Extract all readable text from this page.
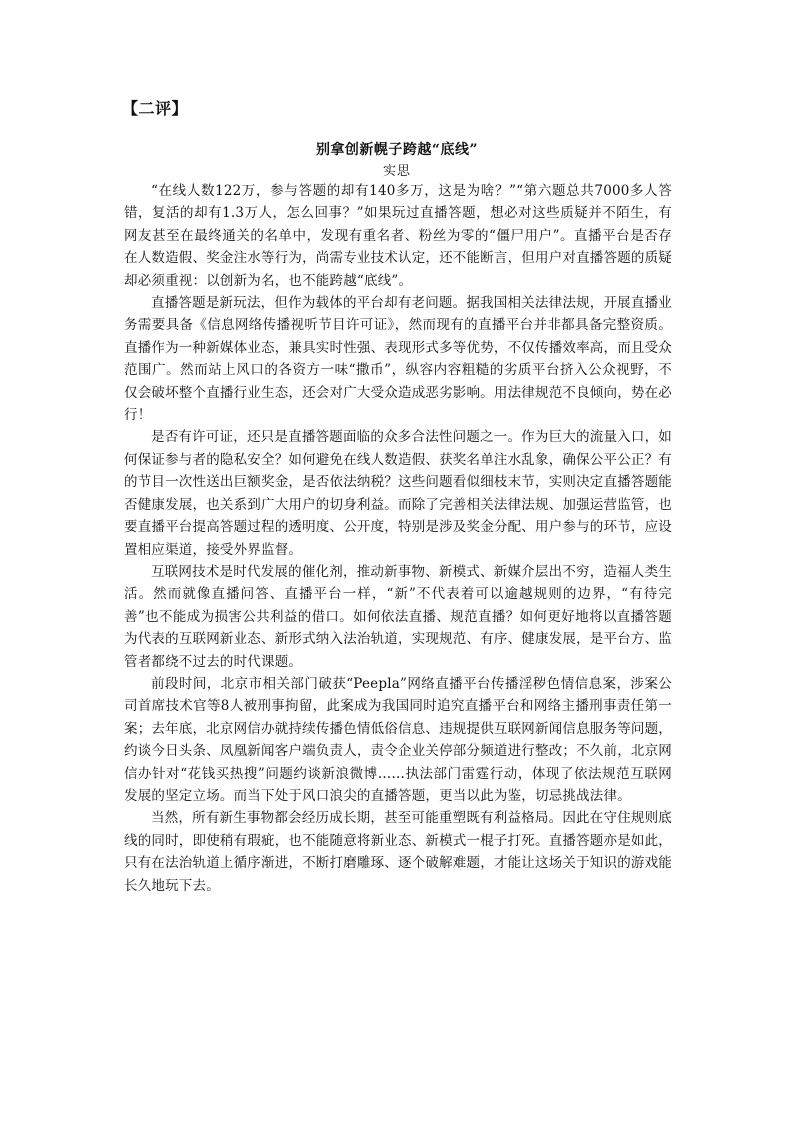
【二评】
别拿创新幌子跨越“底线”
实思

“在线人数122万，参与答题的却有140多万，这是为啥？”“第六题总共7000多人答错，复活的却有1.3万人，怎么回事？”如果玩过直播答题，想必对这些质疑并不陌生，有网友甚至在最终通关的名单中，发现有重名者、粉丝为零的“僵尸用户”。直播平台是否存在人数造假、奖金注水等行为，尚需专业技术认定，还不能断言，但用户对直播答题的质疑却必须重视：以创新为名，也不能跨越“底线”。

直播答题是新玩法，但作为载体的平台却有老问题。据我国相关法律法规，开展直播业务需要具备《信息网络传播视听节目许可证》，然而现有的直播平台并非都具备完整资质。直播作为一种新媒体业态，兼具实时性强、表现形式多等优势，不仅传播效率高，而且受众范围广。然而站上风口的各资方一味“撒币”，纵容内容粗糙的劣质平台挤入公众视野，不仅会破坏整个直播行业生态，还会对广大受众造成恶劣影响。用法律规范不良倾向，势在必行！

是否有许可证，还只是直播答题面临的众多合法性问题之一。作为巨大的流量入口，如何保证参与者的隐私安全？如何避免在线人数造假、获奖名单注水乱象，确保公平公正？有的节目一次性送出巨额奖金，是否依法纳税？这些问题看似细枝末节，实则决定直播答题能否健康发展，也关系到广大用户的切身利益。而除了完善相关法律法规、加强运营监管，也要直播平台提高答题过程的透明度、公开度，特别是涉及奖金分配、用户参与的环节，应设置相应渠道，接受外界监督。

互联网技术是时代发展的催化剂，推动新事物、新模式、新媒介层出不穷，造福人类生活。然而就像直播问答、直播平台一样，“新”不代表着可以逾越规则的边界，“有待完善”也不能成为损害公共利益的借口。如何依法直播、规范直播？如何更好地将以直播答题为代表的互联网新业态、新形式纳入法治轨道，实现规范、有序、健康发展，是平台方、监管者都绕不过去的时代课题。

前段时间，北京市相关部门破获“Peepla”网络直播平台传播淫秽色情信息案，涉案公司首席技术官等8人被刑事拘留，此案成为我国同时追究直播平台和网络主播刑事责任第一案；去年底，北京网信办就持续传播色情低俗信息、违规提供互联网新闻信息服务等问题，约谈今日头条、凤凰新闻客户端负责人，责令企业关停部分频道进行整改；不久前，北京网信办针对“花钱买热搜”问题约谈新浪微博……执法部门雷霆行动，体现了依法规范互联网发展的坚定立场。而当下处于风口浪尖的直播答题，更当以此为鉴，切忌挑战法律。

当然，所有新生事物都会经历成长期，甚至可能重塑既有利益格局。因此在守住规则底线的同时，即使稍有瑕疵，也不能随意将新业态、新模式一棍子打死。直播答题亦是如此，只有在法治轨道上循序渐进，不断打磨雕琢、逐个破解难题，才能让这场关于知识的游戏能长久地玩下去。
